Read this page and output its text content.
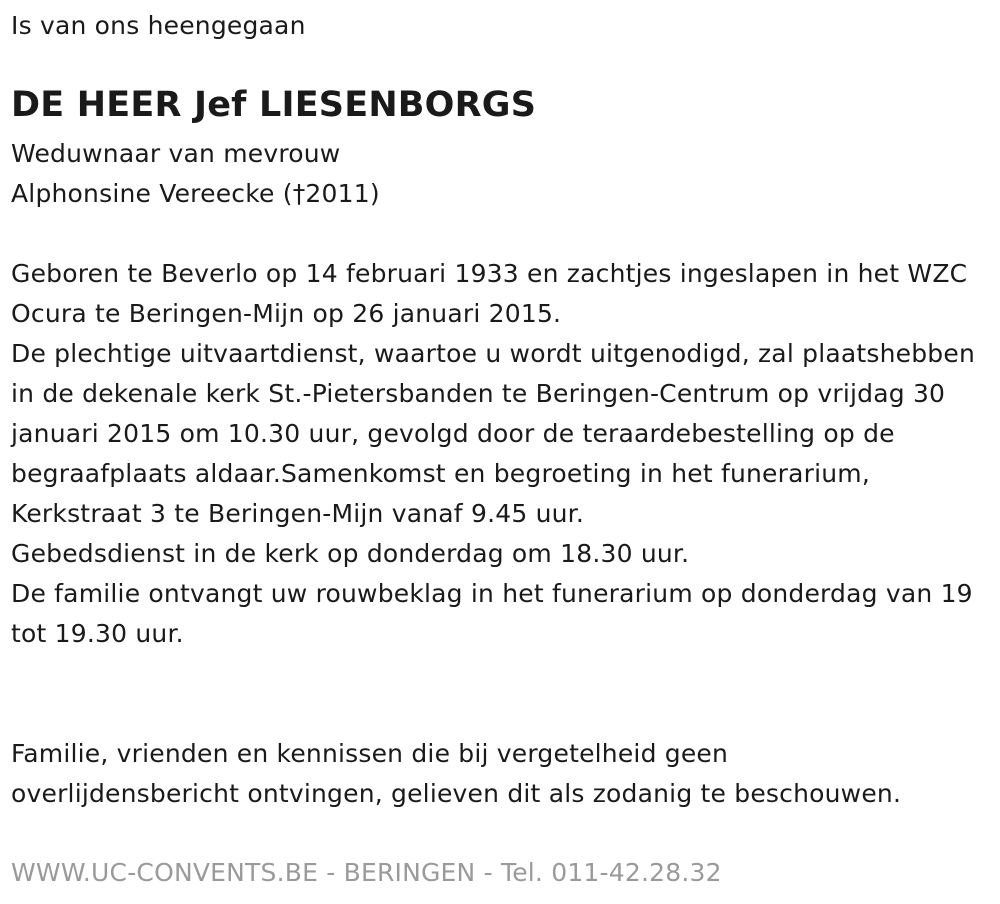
Is van ons heengegaan
DE HEER Jef LIESENBORGS
Weduwnaar van mevrouw
Alphonsine Vereecke (†2011)

Geboren te Beverlo op 14 februari 1933 en zachtjes ingeslapen in het WZC Ocura te Beringen-Mijn op 26 januari 2015.

De plechtige uitvaartdienst, waartoe u wordt uitgenodigd, zal plaatshebben in de dekenale kerk St.-Pietersbanden te Beringen-Centrum op vrijdag 30 januari 2015 om 10.30 uur, gevolgd door de teraardebestelling op de begraafplaats aldaar.Samenkomst en begroeting in het funerarium, Kerkstraat 3 te Beringen-Mijn vanaf 9.45 uur.

Gebedsdienst in de kerk op donderdag om 18.30 uur.

De familie ontvangt uw rouwbeklag in het funerarium op donderdag van 19 tot 19.30 uur.

Familie, vrienden en kennissen die bij vergetelheid geen
overlijdensbericht ontvingen, gelieven dit als zodanig te beschouwen.
WWW.UC-CONVENTS.BE - BERINGEN - Tel. 011-42.28.32
